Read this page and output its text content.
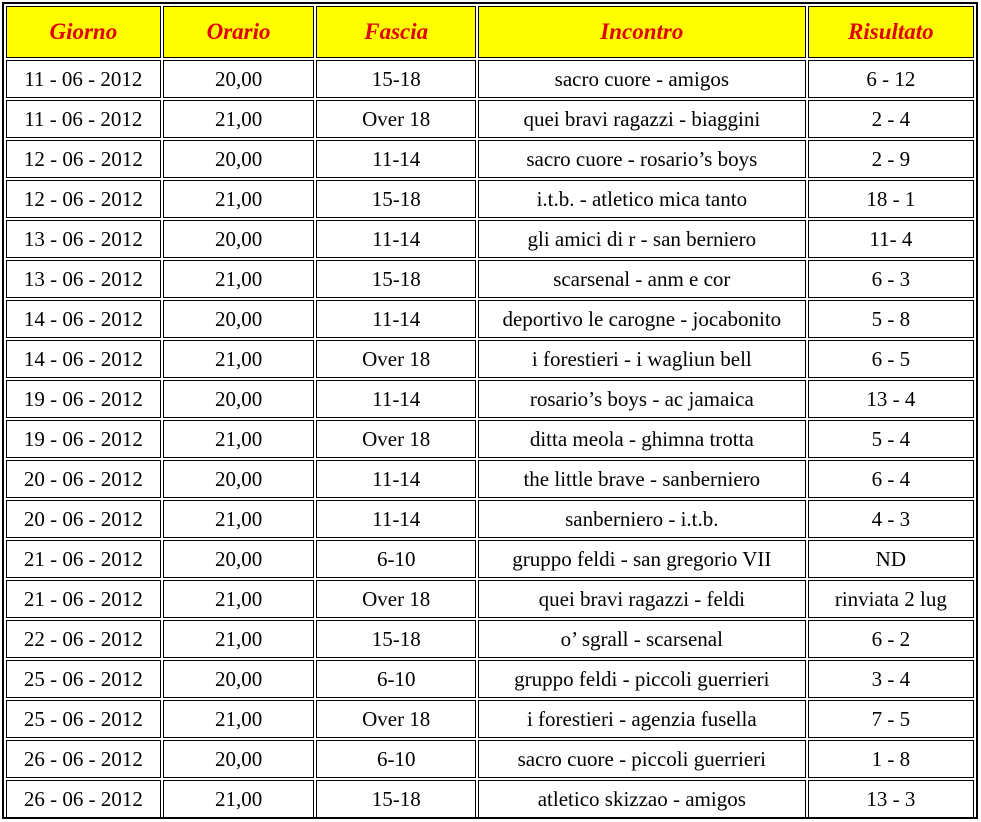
Giorno	Orario	Fascia	Incontro	Risultato
11 - 06 - 2012	20,00	15-18	sacro cuore - amigos	6 - 12
11 - 06 - 2012	21,00	Over 18	quei bravi ragazzi - biaggini	2 - 4
12 - 06 - 2012	20,00	11-14	sacro cuore - rosario’s boys	2 - 9
12 - 06 - 2012	21,00	15-18	i.t.b. - atletico mica tanto	18 - 1
13 - 06 - 2012	20,00	11-14	gli amici di r - san berniero	11- 4
13 - 06 - 2012	21,00	15-18	scarsenal - anm e cor	6 - 3
14 - 06 - 2012	20,00	11-14	deportivo le carogne - jocabonito	5 - 8
14 - 06 - 2012	21,00	Over 18	i forestieri - i wagliun bell	6 - 5
19 - 06 - 2012	20,00	11-14	rosario’s boys - ac jamaica	13 - 4
19 - 06 - 2012	21,00	Over 18	ditta meola - ghimna trotta	5 - 4
20 - 06 - 2012	20,00	11-14	the little brave - sanberniero	6 - 4
20 - 06 - 2012	21,00	11-14	sanberniero - i.t.b.	4 - 3
21 - 06 - 2012	20,00	6-10	gruppo feldi - san gregorio VII	ND
21 - 06 - 2012	21,00	Over 18	quei bravi ragazzi - feldi	rinviata 2 lug
22 - 06 - 2012	21,00	15-18	o’ sgrall - scarsenal	6 - 2
25 - 06 - 2012	20,00	6-10	gruppo feldi - piccoli guerrieri	3 - 4
25 - 06 - 2012	21,00	Over 18	i forestieri - agenzia fusella	7 - 5
26 - 06 - 2012	20,00	6-10	sacro cuore - piccoli guerrieri	1 - 8
26 - 06 - 2012	21,00	15-18	atletico skizzao - amigos	13 - 3
